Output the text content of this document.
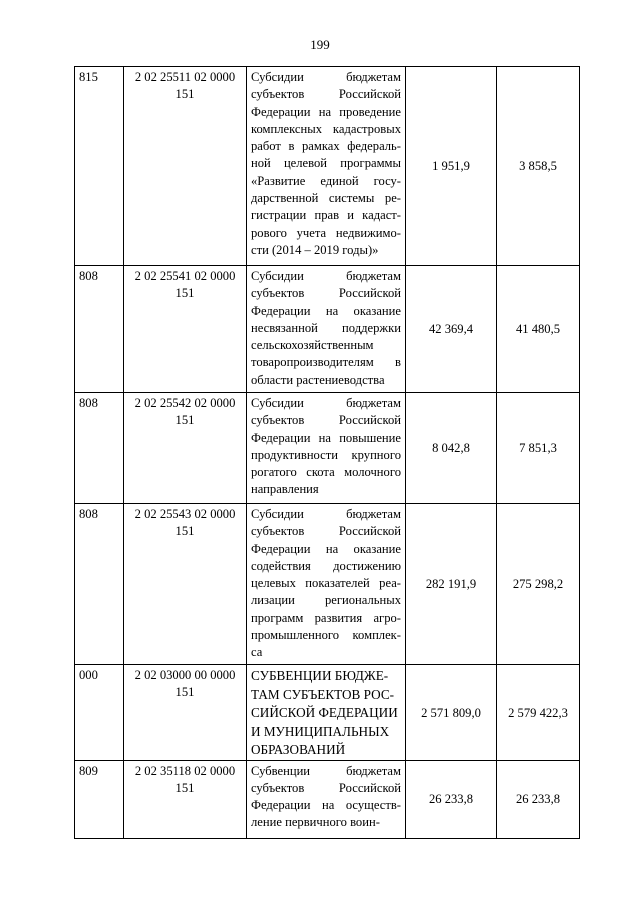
199
815	2 02 25511 02 0000 151	Субсидии бюджетам субъектов Российской Федерации на проведение комплексных кадастровых работ в рамках федераль-ной целевой программы «Развитие единой госу-дарственной системы ре-гистрации прав и кадаст-рового учета недвижимо-сти (2014 – 2019 годы)»	1 951,9	3 858,5
808	2 02 25541 02 0000 151	Субсидии бюджетам субъектов Российской Федерации на оказание несвязанной поддержки сельскохозяйственным товаропроизводителям в области растениеводства	42 369,4	41 480,5
808	2 02 25542 02 0000 151	Субсидии бюджетам субъектов Российской Федерации на повышение продуктивности крупного рогатого скота молочного направления	8 042,8	7 851,3
808	2 02 25543 02 0000 151	Субсидии бюджетам субъектов Российской Федерации на оказание содействия достижению целевых показателей реа-лизации региональных программ развития агро-промышленного комплек-са	282 191,9	275 298,2
000	2 02 03000 00 0000 151	СУБВЕНЦИИ БЮДЖЕ-ТАМ СУБЪЕКТОВ РОС-СИЙСКОЙ ФЕДЕРАЦИИ И МУНИЦИПАЛЬНЫХ ОБРАЗОВАНИЙ	2 571 809,0	2 579 422,3
809	2 02 35118 02 0000 151	Субвенции бюджетам субъектов Российской Федерации на осуществ-ление первичного воин-	26 233,8	26 233,8
